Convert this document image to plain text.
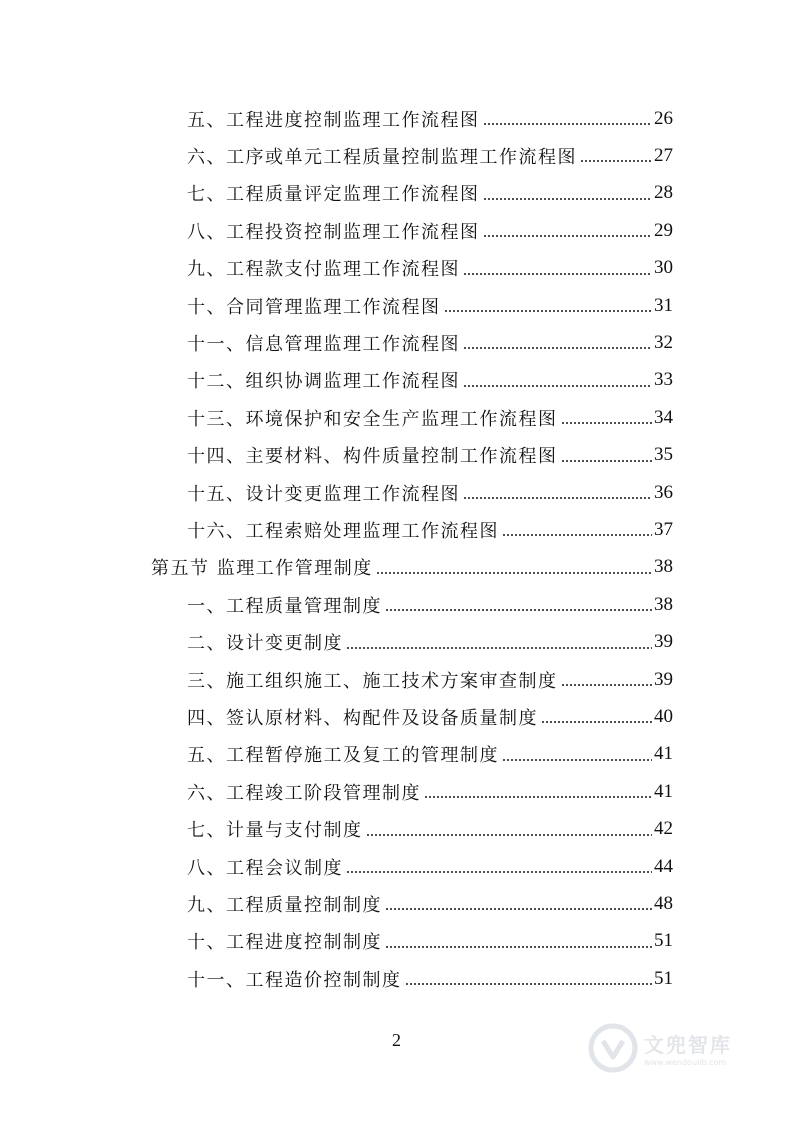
五、工程进度控制监理工作流程图	26
六、工序或单元工程质量控制监理工作流程图	27
七、工程质量评定监理工作流程图	28
八、工程投资控制监理工作流程图	29
九、工程款支付监理工作流程图	30
十、合同管理监理工作流程图	31
十一、信息管理监理工作流程图	32
十二、组织协调监理工作流程图	33
十三、环境保护和安全生产监理工作流程图	34
十四、主要材料、构件质量控制工作流程图	35
十五、设计变更监理工作流程图	36
十六、工程索赔处理监理工作流程图	37
第五节 监理工作管理制度	38
一、工程质量管理制度	38
二、设计变更制度	39
三、施工组织施工、施工技术方案审查制度	39
四、签认原材料、构配件及设备质量制度	40
五、工程暂停施工及复工的管理制度	41
六、工程竣工阶段管理制度	41
七、计量与支付制度	42
八、工程会议制度	44
九、工程质量控制制度	48
十、工程进度控制制度	51
十一、工程造价控制制度	51
2	文兜智库
www.wendoulib.com
